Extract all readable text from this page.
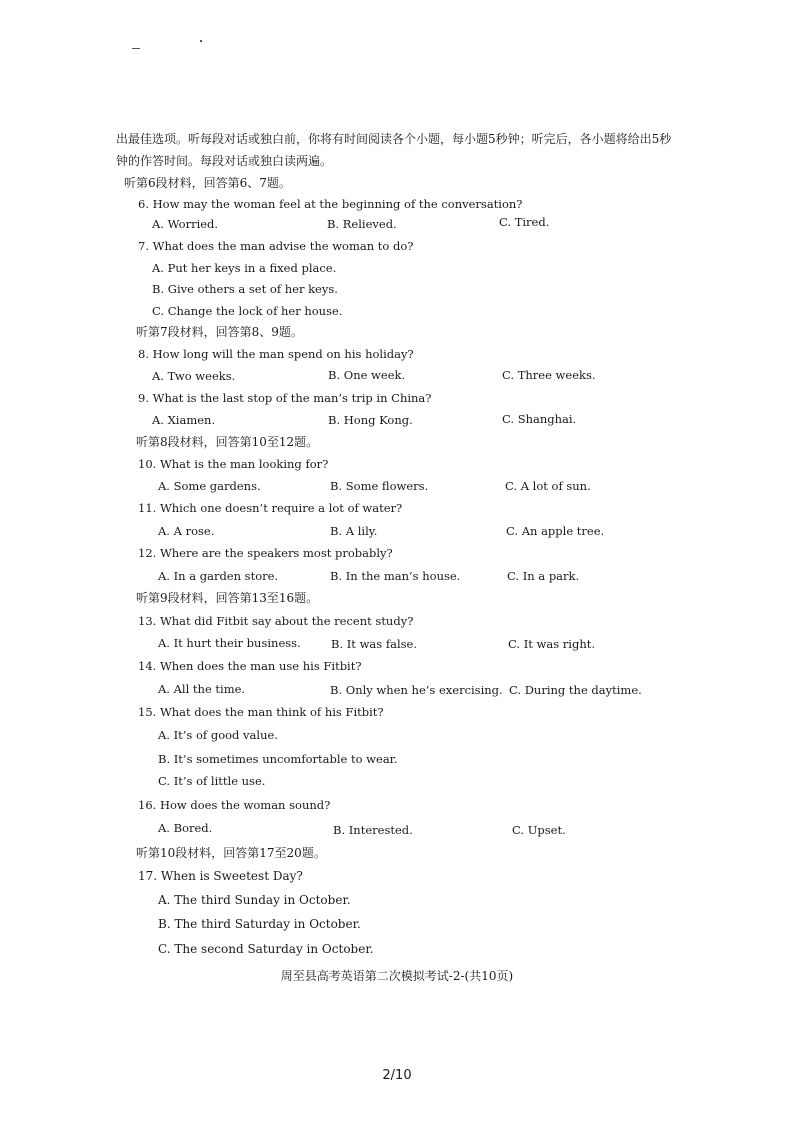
出最佳选项。听每段对话或独白前，你将有时间阅读各个小题，每小题5秒钟；听完后，各小题将给出5秒钟的作答时间。每段对话或独白读两遍。
听第6段材料，回答第6、7题。
6. How may the woman feel at the beginning of the conversation?
A. Worried.	B. Relieved.	C. Tired.
7. What does the man advise the woman to do?
A. Put her keys in a fixed place.
B. Give others a set of her keys.
C. Change the lock of her house.
听第7段材料，回答第8、9题。
8. How long will the man spend on his holiday?
A. Two weeks.	B. One week.	C. Three weeks.
9. What is the last stop of the man’s trip in China?
A. Xiamen.	B. Hong Kong.	C. Shanghai.
听第8段材料，回答第10至12题。
10. What is the man looking for?
A. Some gardens.	B. Some flowers.	C. A lot of sun.
11. Which one doesn’t require a lot of water?
A. A rose.	B. A lily.	C. An apple tree.
12. Where are the speakers most probably?
A. In a garden store.	B. In the man’s house.	C. In a park.
听第9段材料，回答第13至16题。
13. What did Fitbit say about the recent study?
A. It hurt their business.	B. It was false.	C. It was right.
14. When does the man use his Fitbit?
A. All the time.	B. Only when he’s exercising. C. During the daytime.
15. What does the man think of his Fitbit?
A. It’s of good value.
B. It’s sometimes uncomfortable to wear.
C. It’s of little use.
16. How does the woman sound?
A. Bored.	B. Interested.	C. Upset.
听第10段材料，回答第17至20题。
17. When is Sweetest Day?
A. The third Sunday in October.
B. The third Saturday in October.
C. The second Saturday in October.
周至县高考英语第二次模拟考试-2-(共10页)
2/10
